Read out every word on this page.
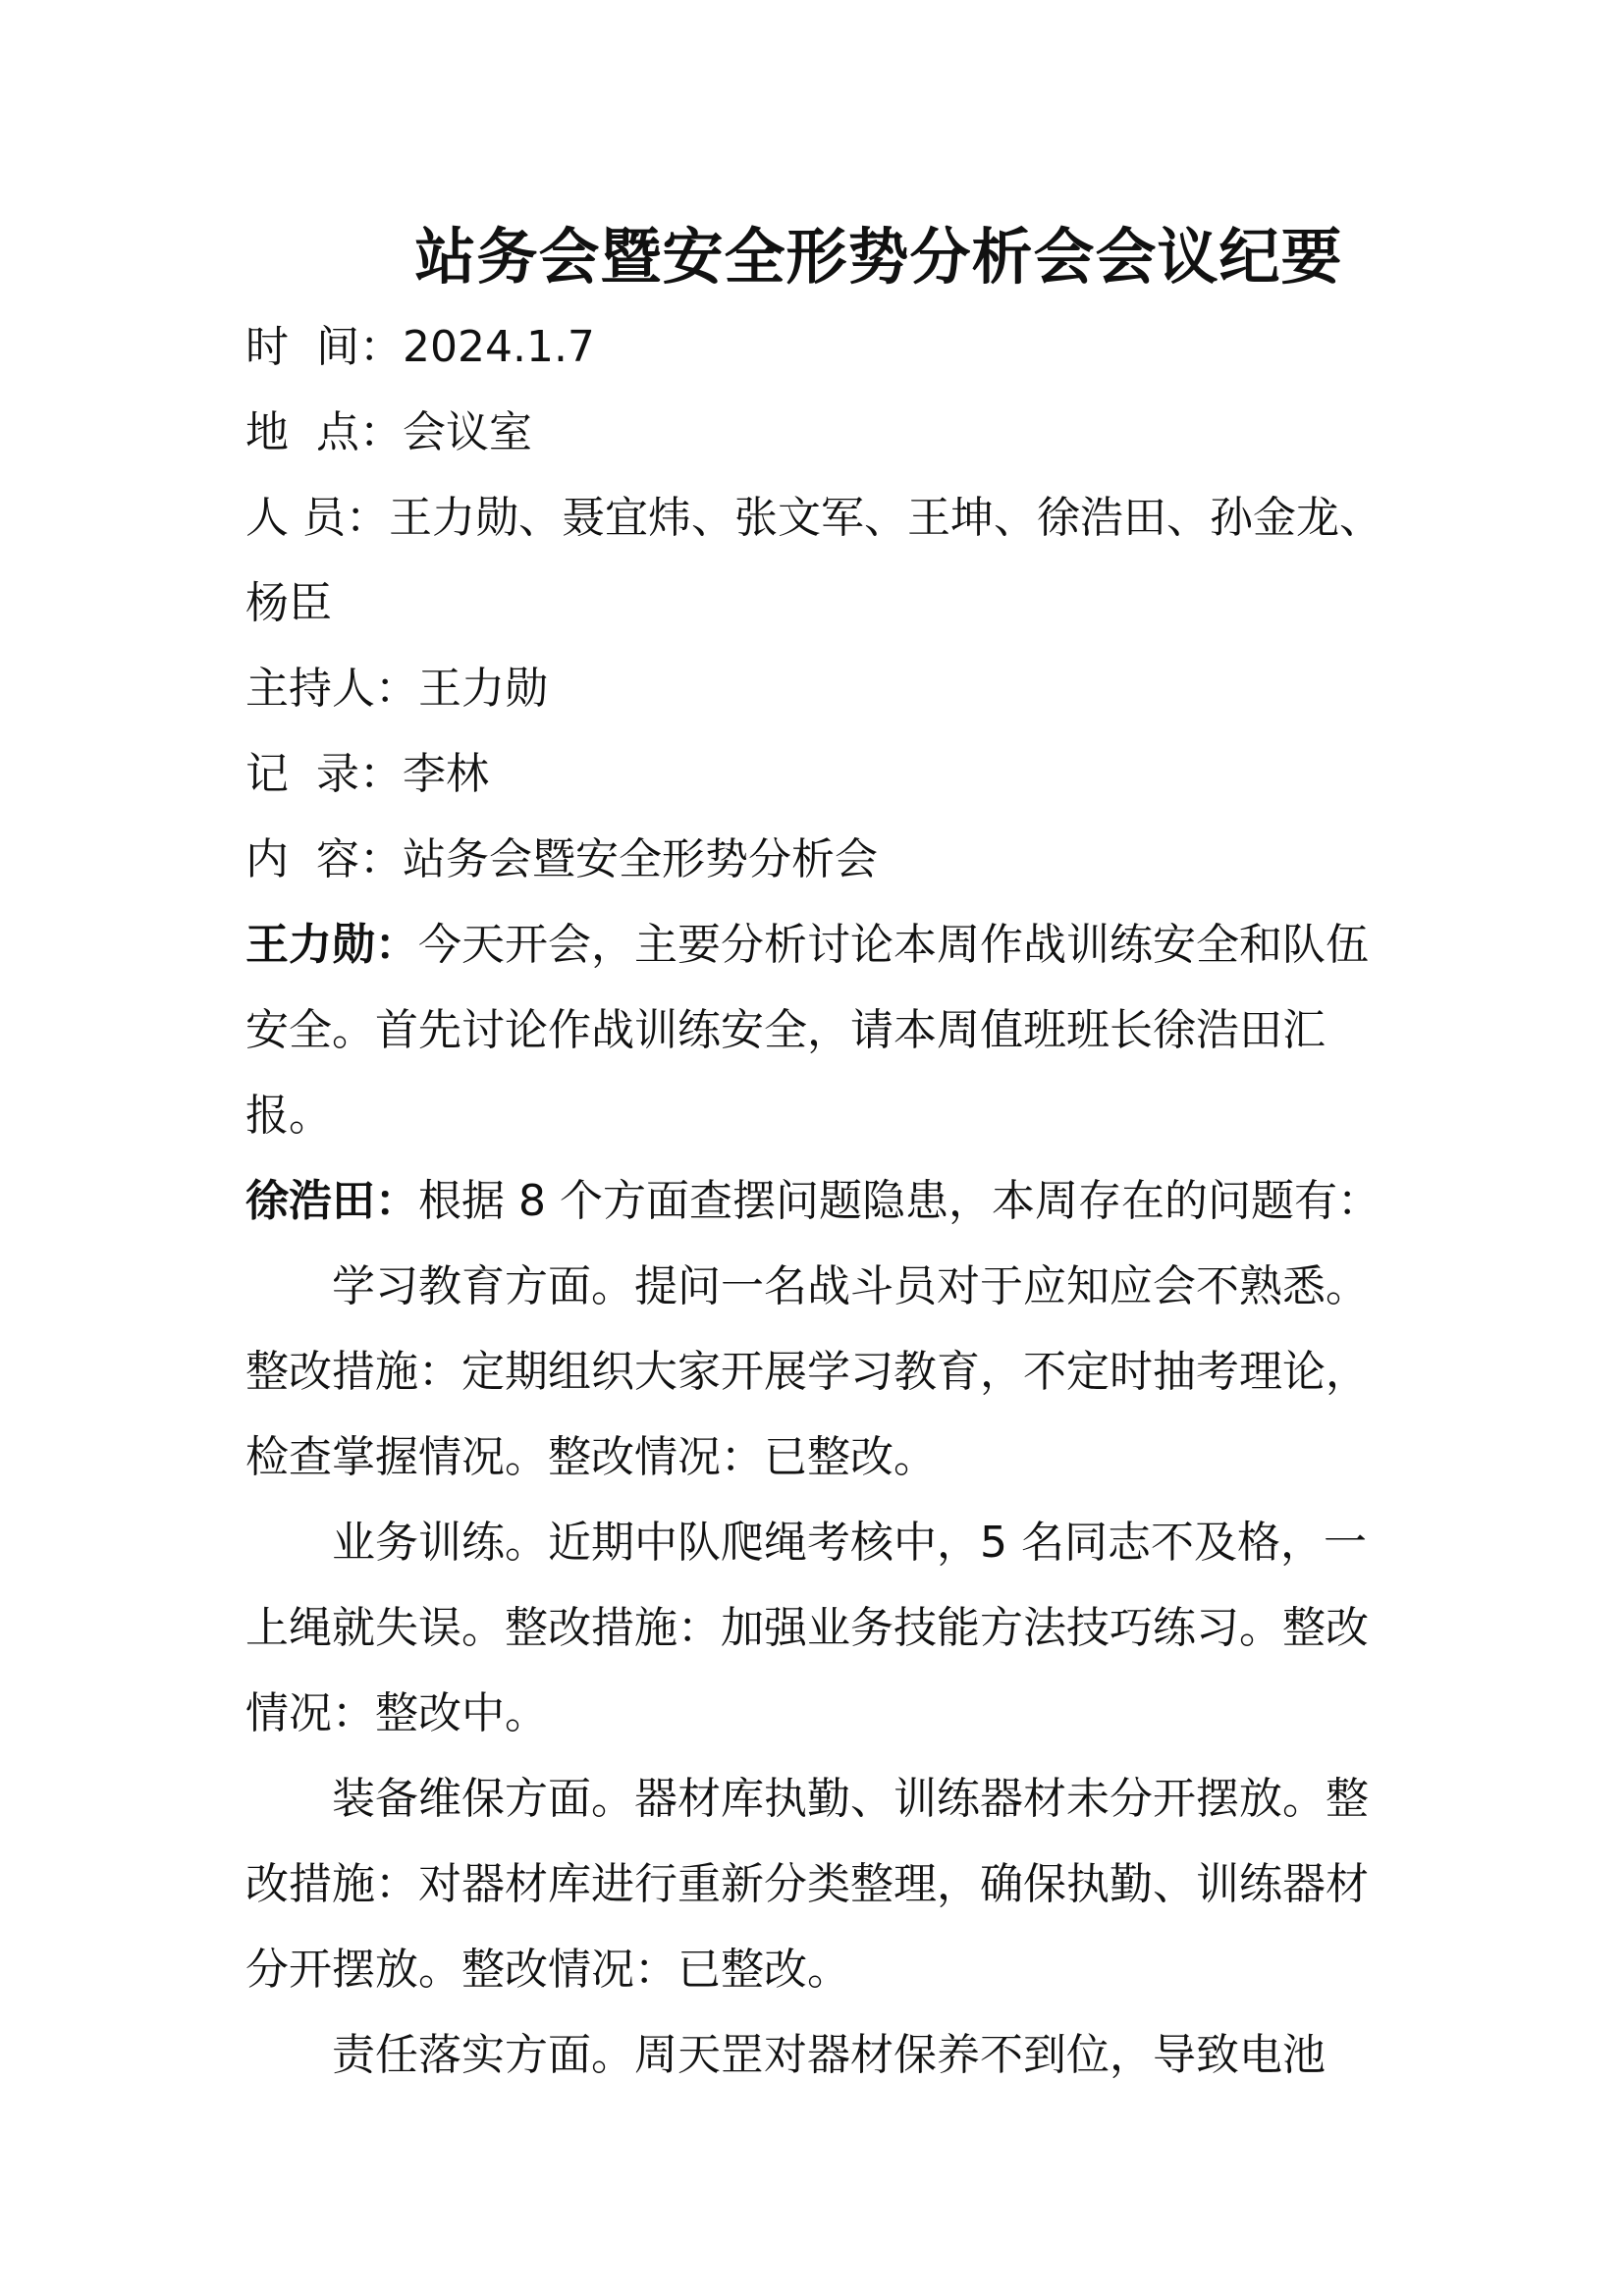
站务会暨安全形势分析会会议纪要

时  间：2024.1.7

地  点：会议室

人 员：王力勋、聂宜炜、张文军、王坤、徐浩田、孙金龙、杨臣

主持人：王力勋

记  录：李林

内  容：站务会暨安全形势分析会

王力勋：今天开会，主要分析讨论本周作战训练安全和队伍安全。首先讨论作战训练安全，请本周值班班长徐浩田汇报。

徐浩田：根据 8 个方面查摆问题隐患，本周存在的问题有：

学习教育方面。提问一名战斗员对于应知应会不熟悉。整改措施：定期组织大家开展学习教育，不定时抽考理论，检查掌握情况。整改情况：已整改。

业务训练。近期中队爬绳考核中，5 名同志不及格，一上绳就失误。整改措施：加强业务技能方法技巧练习。整改情况：整改中。

装备维保方面。器材库执勤、训练器材未分开摆放。整改措施：对器材库进行重新分类整理，确保执勤、训练器材分开摆放。整改情况：已整改。

责任落实方面。周天罡对器材保养不到位，导致电池
